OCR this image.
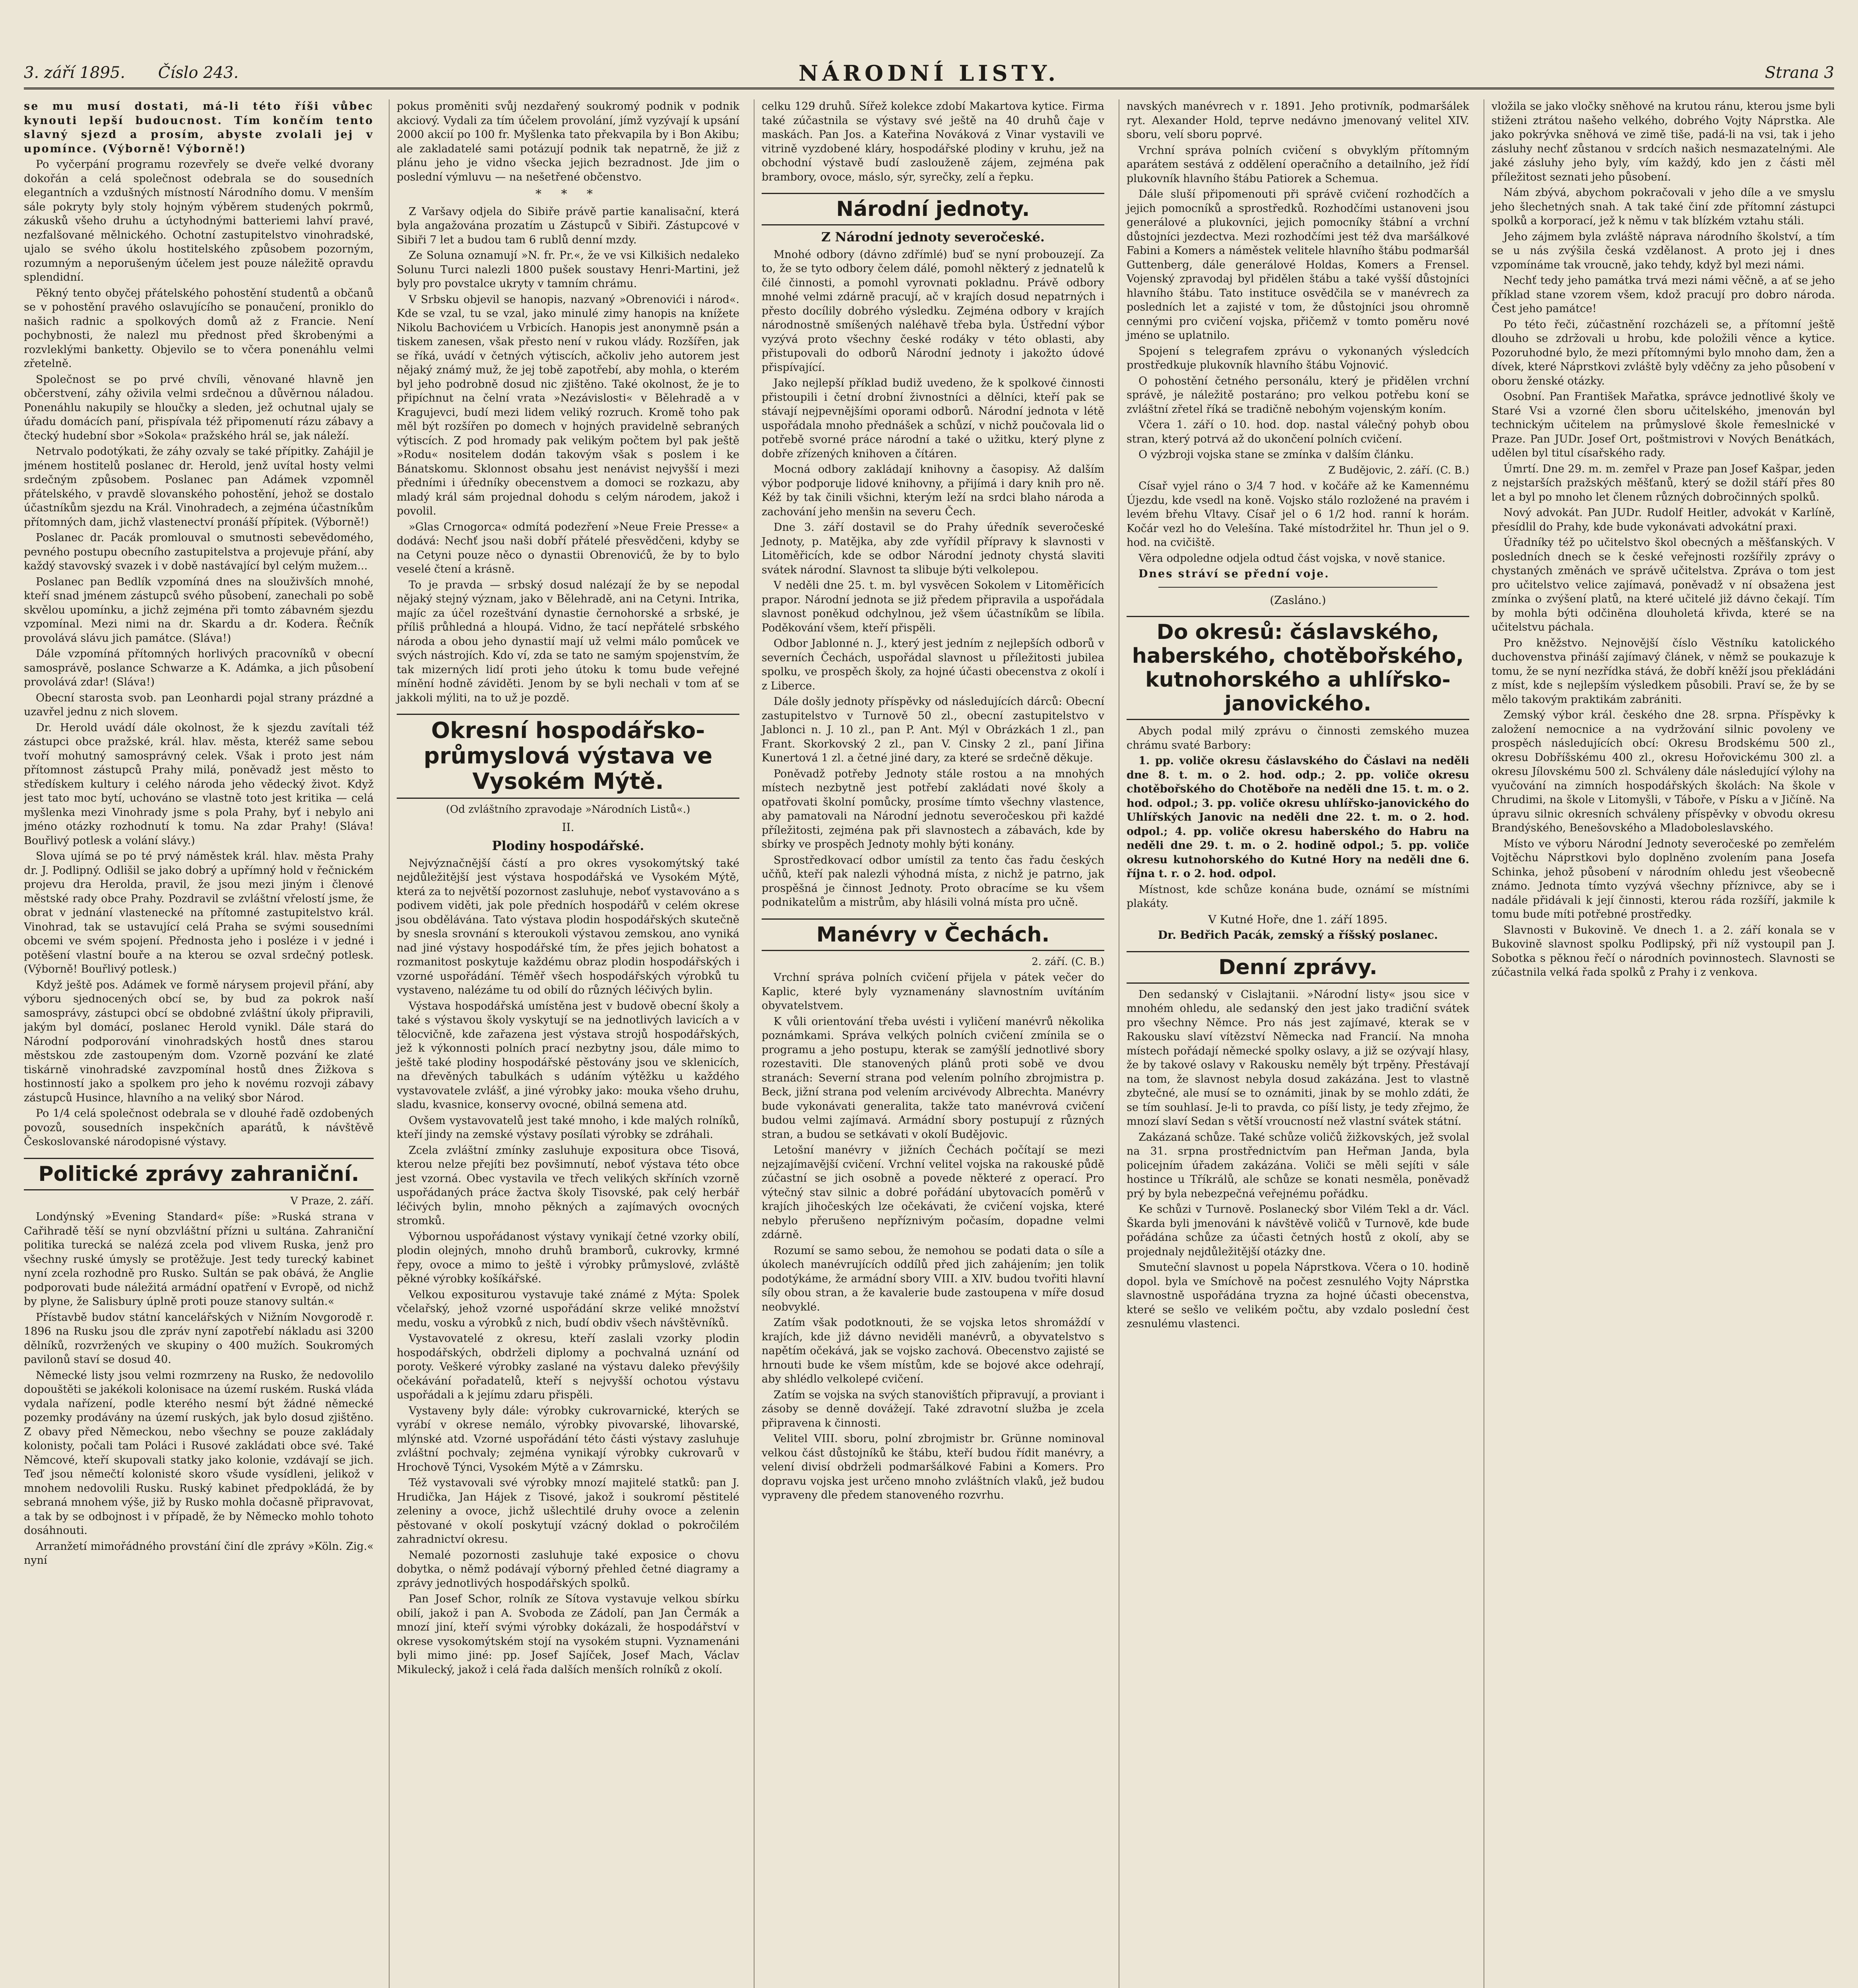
3. září 1895. Číslo 243.	NÁRODNÍ LISTY.	Strana 3

se mu musí dostati, má-li této říši vůbec kynouti lepší budoucnost. Tím končím tento slavný sjezd a prosím, abyste zvolali jej v upomínce. (Výborně! Výborně!)

Po vyčerpání programu rozevřely se dveře velké dvorany dokořán a celá společnost odebrala se do sousedních elegantních a vzdušných místností Národního domu. V menším sále pokryty byly stoly hojným výběrem studených pokrmů, zákusků všeho druhu a úctyhodnými batteriemi lahví pravé, nezfalšované mělnického. Ochotní zastupitelstvo vinohradské, ujalo se svého úkolu hostitelského způsobem pozorným, rozumným a neporušeným účelem jest pouze náležitě opravdu splendidní.

Pěkný tento obyčej přátelského pohostění studentů a občanů se v pohostění pravého oslavujícího se ponaučení, proniklo do našich radnic a spolkových domů až z Francie. Není pochybnosti, že nalezl mu přednost před škrobenými a rozvleklými banketty. Objevilo se to včera ponenáhlu velmi zřetelně.

Společnost se po prvé chvíli, věnované hlavně jen občerstvení, záhy oživila velmi srdečnou a důvěrnou náladou. Ponenáhlu nakupily se hloučky a sleden, jež ochutnal ujaly se úřadu domácích paní, přispívala též připomenutí rázu zábavy a čtecký hudební sbor »Sokola« pražského hrál se, jak náleží.

Netrvalo podotýkati, že záhy ozvaly se také přípitky. Zahájil je jménem hostitelů poslanec dr. Herold, jenž uvítal hosty velmi srdečným způsobem. Poslanec pan Adámek vzpomněl přátelského, v pravdě slovanského pohostění, jehož se dostalo účastníkům sjezdu na Král. Vinohradech, a zejména účastníkům přítomných dam, jichž vlastenectví pronáší přípitek. (Výborně!)

Poslanec dr. Pacák promlouval o smutnosti sebevědomého, pevného postupu obecního zastupitelstva a projevuje přání, aby každý stavovský svazek i v době nastávající byl celým mužem...

Poslanec pan Bedlík vzpomíná dnes na slouživších mnohé, kteří snad jménem zástupců svého působení, zanechali po sobě skvělou upomínku, a jichž zejména při tomto zábavném sjezdu vzpomínal. Mezi nimi na dr. Skardu a dr. Kodera. Řečník provolává slávu jich památce. (Sláva!)

Dále vzpomíná přítomných horlivých pracovníků v obecní samosprávě, poslance Schwarze a K. Adámka, a jich působení provolává zdar! (Sláva!)

Obecní starosta svob. pan Leonhardi pojal strany prázdné a uzavřel jednu z nich slovem.

Dr. Herold uvádí dále okolnost, že k sjezdu zavítali též zástupci obce pražské, král. hlav. města, kteréž same sebou tvoří mohutný samosprávný celek. Však i proto jest nám přítomnost zástupců Prahy milá, poněvadž jest město to středískem kultury i celého národa jeho vědecký život. Když jest tato moc bytí, uchováno se vlastně toto jest kritika — celá myšlenka mezi Vinohrady jsme s pola Prahy, byť i nebylo ani jméno otázky rozhodnutí k tomu. Na zdar Prahy! (Sláva! Bouřlivý potlesk a volání slávy.)

Slova ujímá se po té prvý náměstek král. hlav. města Prahy dr. J. Podlipný. Odlišil se jako dobrý a upřímný hold v řečnickém projevu dra Herolda, pravil, že jsou mezi jiným i členové městské rady obce Prahy. Pozdravil se zvláštní vřelostí jsme, že obrat v jednání vlastenecké na přítomné zastupitelstvo král. Vinohrad, tak se ustavující celá Praha se svými sousedními obcemi ve svém spojení. Přednosta jeho i posléze i v jedné i potěšení vlastní bouře a na kterou se ozval srdečný potlesk. (Výborně! Bouřlivý potlesk.)

Když ještě pos. Adámek ve formě nárysem projevil přání, aby výboru sjednocených obcí se, by bud za pokrok naší samosprávy, zástupci obcí se obdobné zvláštní úkoly připravili, jakým byl domácí, poslanec Herold vynikl. Dále stará do Národní podporování vinohradských hostů dnes starou městskou zde zastoupeným dom. Vzorně pozvání ke zlaté tiskárně vinohradské zavzpomínal hostů dnes Žižkova s hostinností jako a spolkem pro jeho k novému rozvoji zábavy zástupců Husince, hlavního a na veliký sbor Národ.

Po 1/4 celá společnost odebrala se v dlouhé řadě ozdobených povozů, sousedních inspekčních aparátů, k návštěvě Českoslovanské národopisné výstavy.

Politické zprávy zahraniční.
V Praze, 2. září.

Londýnský »Evening Standard« píše: »Ruská strana v Cařihradě těší se nyní obzvláštní přízni u sultána. Zahraniční politika turecká se nalézá zcela pod vlivem Ruska, jenž pro všechny ruské úmysly se protěžuje. Jest tedy turecký kabinet nyní zcela rozhodně pro Rusko. Sultán se pak obává, že Anglie podporovati bude náležitá armádní opatření v Evropě, od nichž by plyne, že Salisbury úplně proti pouze stanovy sultán.«

Přístavbě budov státní kancelářských v Nižním Novgorodě r. 1896 na Rusku jsou dle zpráv nyní zapotřebí nákladu asi 3200 dělníků, rozvržených ve skupiny o 400 mužích. Soukromých pavilonů staví se dosud 40.

Německé listy jsou velmi rozmrzeny na Rusko, že nedovolilo dopouštěti se jakékoli kolonisace na území ruském. Ruská vláda vydala nařízení, podle kterého nesmí být žádné německé pozemky prodávány na území ruských, jak bylo dosud zjištěno. Z obavy před Německou, nebo všechny se pouze zakládaly kolonisty, počali tam Poláci i Rusové zakládati obce své. Také Němcové, kteří skupovali statky jako kolonie, vzdávají se jich. Teď jsou němečtí kolonisté skoro všude vysídleni, jelikož v mnohem nedovolili Rusku. Ruský kabinet předpokládá, že by sebraná mnohem výše, již by Rusko mohla dočasně připravovat, a tak by se odbojnost i v případě, že by Německo mohlo tohoto dosáhnouti.

Arranžetí mimořádného provstání činí dle zprávy »Köln. Zig.« nyní

pokus proměniti svůj nezdařený soukromý podnik v podnik akciový. Vydali za tím účelem provolání, jímž vyzývají k upsání 2000 akcií po 100 fr. Myšlenka tato překvapila by i Bon Akibu; ale zakladatelé sami potázují podnik tak nepatrně, že již z plánu jeho je vidno všecka jejich bezradnost. Jde jim o poslední výmluvu — na nešetřené občenstvo.

* * *

Z Varšavy odjela do Sibiře právě partie kanalisační, která byla angažována prozatím u Zástupců v Sibiři. Zástupcové v Sibiři 7 let a budou tam 6 rublů denní mzdy.

Ze Soluna oznamují »N. fr. Pr.«, že ve vsi Kilkišich nedaleko Solunu Turci nalezli 1800 pušek soustavy Henri-Martini, jež byly pro povstalce ukryty v tamním chrámu.

V Srbsku objevil se hanopis, nazvaný »Obrenovići i národ«. Kde se vzal, tu se vzal, jako minulé zimy hanopis na knížete Nikolu Bachovićem u Vrbicích. Hanopis jest anonymně psán a tiskem zanesen, však přesto není v rukou vlády. Rozšířen, jak se říká, uvádí v četných výtiscích, ačkoliv jeho autorem jest nějaký známý muž, že jej tobě zapotřebí, aby mohla, o kterém byl jeho podrobně dosud nic zjištěno. Také okolnost, že je to připíchnut na čelní vrata »Nezávislosti« v Bělehradě a v Kragujevci, budí mezi lidem veliký rozruch. Kromě toho pak měl být rozšířen po domech v hojných pravidelně sebraných výtiscích. Z pod hromady pak velikým počtem byl pak ještě »Rodu« nositelem dodán takovým však s poslem i ke Bánatskomu. Sklonnost obsahu jest nenávist nejvyšší i mezi předními i úředníky obecenstvem a domoci se rozkazu, aby mladý král sám projednal dohodu s celým národem, jakož i povolil.

»Glas Crnogorca« odmítá podezření »Neue Freie Presse« a dodává: Nechť jsou naši dobří přátelé přesvědčeni, kdyby se na Cetyni pouze něco o dynastii Obrenovićů, že by to bylo veselé čtení a krásně.

To je pravda — srbský dosud nalézají že by se nepodal nějaký stejný význam, jako v Bělehradě, ani na Cetyni. Intrika, majíc za účel rozeštvání dynastie černohorské a srbské, je příliš průhledná a hloupá. Vidno, že tací nepřátelé srbského národa a obou jeho dynastií mají už velmi málo pomůcek ve svých nástrojích. Kdo ví, zda se tato ne samým spojenstvím, že tak mizerných lidí proti jeho útoku k tomu bude veřejné mínění hodně záviděti. Jenom by se byli nechali v tom ať se jakkoli mýliti, na to už je pozdě.

Okresní hospodářsko-průmyslová výstava ve Vysokém Mýtě.
(Od zvláštního zpravodaje »Národních Listů«.)
II.
Plodiny hospodářské.

Nejvýznačnější částí a pro okres vysokomýtský také nejdůležitější jest výstava hospodářská ve Vysokém Mýtě, která za to největší pozornost zasluhuje, neboť vystavováno a s podivem viděti, jak pole předních hospodářů v celém okrese jsou obdělávána. Tato výstava plodin hospodářských skutečně by snesla srovnání s kteroukoli výstavou zemskou, ano vyniká nad jiné výstavy hospodářské tím, že přes jejich bohatost a rozmanitost poskytuje každému obraz plodin hospodářských i vzorné uspořádání. Téměř všech hospodářských výrobků tu vystaveno, nalézáme tu od obilí do různých léčivých bylin.

Výstava hospodářská umístěna jest v budově obecní školy a také s výstavou školy vyskytují se na jednotlivých lavicích a v tělocvičně, kde zařazena jest výstava strojů hospodářských, jež k výkonnosti polních prací nezbytny jsou, dále mimo to ještě také plodiny hospodářské pěstovány jsou ve sklenicích, na dřevěných tabulkách s udáním výtěžku u každého vystavovatele zvlášť, a jiné výrobky jako: mouka všeho druhu, sladu, kvasnice, konservy ovocné, obilná semena atd.

Ovšem vystavovatelů jest také mnoho, i kde malých rolníků, kteří jindy na zemské výstavy posílati výrobky se zdráhali.

Zcela zvláštní zmínky zasluhuje expositura obce Tisová, kterou nelze přejíti bez povšimnutí, neboť výstava této obce jest vzorná. Obec vystavila ve třech velikých skříních vzorně uspořádaných práce žactva školy Tisovské, pak celý herbář léčivých bylin, mnoho pěkných a zajímavých ovocných stromků.

Výbornou uspořádanost výstavy vynikají četné vzorky obilí, plodin olejných, mnoho druhů bramborů, cukrovky, krmné řepy, ovoce a mimo to ještě i výrobky průmyslové, zvláště pěkné výrobky košíkářské.

Velkou expositurou vystavuje také známé z Mýta: Spolek včelařský, jehož vzorné uspořádání skrze veliké množství medu, vosku a výrobků z nich, budí obdiv všech návštěvníků.

Vystavovatelé z okresu, kteří zaslali vzorky plodin hospodářských, obdrželi diplomy a pochvalná uznání od poroty. Veškeré výrobky zaslané na výstavu daleko převýšily očekávání pořadatelů, kteří s nejvyšší ochotou výstavu uspořádali a k jejímu zdaru přispěli.

Vystaveny byly dále: výrobky cukrovarnické, kterých se vyrábí v okrese nemálo, výrobky pivovarské, lihovarské, mlýnské atd. Vzorné uspořádání této části výstavy zasluhuje zvláštní pochvaly; zejména vynikají výrobky cukrovarů v Hrochově Týnci, Vysokém Mýtě a v Zámrsku.

Též vystavovali své výrobky mnozí majitelé statků: pan J. Hrudička, Jan Hájek z Tisové, jakož i soukromí pěstitelé zeleniny a ovoce, jichž ušlechtilé druhy ovoce a zelenin pěstované v okolí poskytují vzácný doklad o pokročilém zahradnictví okresu.

Nemalé pozornosti zasluhuje také exposice o chovu dobytka, o němž podávají výborný přehled četné diagramy a zprávy jednotlivých hospodářských spolků.

Pan Josef Schor, rolník ze Sítova vystavuje velkou sbírku obilí, jakož i pan A. Svoboda ze Zádolí, pan Jan Čermák a mnozí jiní, kteří svými výrobky dokázali, že hospodářství v okrese vysokomýtském stojí na vysokém stupni. Vyznamenáni byli mimo jiné: pp. Josef Sajíček, Josef Mach, Václav Mikulecký, jakož i celá řada dalších menších rolníků z okolí.

celku 129 druhů. Sířež kolekce zdobí Makartova kytice. Firma také zúčastnila se výstavy své ještě na 40 druhů čaje v maskách. Pan Jos. a Kateřina Nováková z Vinar vystavili ve vitrině vyzdobené kláry, hospodářské plodiny v kruhu, jež na obchodní výstavě budí zaslouženě zájem, zejména pak brambory, ovoce, máslo, sýr, syrečky, zelí a řepku.

Národní jednoty.
Z Národní jednoty severočeské.

Mnohé odbory (dávno zdřímlé) buď se nyní probouzejí. Za to, že se tyto odbory čelem dálé, pomohl některý z jednatelů k čilé činnosti, a pomohl vyrovnati pokladnu. Právě odbory mnohé velmi zdárně pracují, ač v krajích dosud nepatrných i přesto docílily dobrého výsledku. Zejména odbory v krajích národnostně smíšených naléhavě třeba byla. Ústřední výbor vyzývá proto všechny české rodáky v této oblasti, aby přistupovali do odborů Národní jednoty i jakožto údové přispívající.

Jako nejlepší příklad budiž uvedeno, že k spolkové činnosti přistoupili i četní drobní živnostníci a dělníci, kteří pak se stávají nejpevnějšími oporami odborů. Národní jednota v létě uspořádala mnoho přednášek a schůzí, v nichž poučovala lid o potřebě svorné práce národní a také o užitku, který plyne z dobře zřízených knihoven a čítáren.

Mocná odbory zakládají knihovny a časopisy. Až dalším výbor podporuje lidové knihovny, a přijímá i dary knih pro ně. Kéž by tak činili všichni, kterým leží na srdci blaho národa a zachování jeho menšin na severu Čech.

Dne 3. září dostavil se do Prahy úředník severočeské Jednoty, p. Matějka, aby zde vyřídil přípravy k slavnosti v Litoměřicích, kde se odbor Národní jednoty chystá slaviti svátek národní. Slavnost ta slibuje býti velkolepou.

V neděli dne 25. t. m. byl vysvěcen Sokolem v Litoměřicích prapor. Národní jednota se již předem připravila a uspořádala slavnost poněkud odchylnou, jež všem účastníkům se líbila. Poděkování všem, kteří přispěli.

Odbor Jablonné n. J., který jest jedním z nejlepších odborů v severních Čechách, uspořádal slavnost u příležitosti jubilea spolku, ve prospěch školy, za hojné účasti obecenstva z okolí i z Liberce.

Dále došly jednoty příspěvky od následujících dárců: Obecní zastupitelstvo v Turnově 50 zl., obecní zastupitelstvo v Jablonci n. J. 10 zl., pan P. Ant. Mýl v Obrázkách 1 zl., pan Frant. Skorkovský 2 zl., pan V. Cinsky 2 zl., paní Jiřina Kunertová 1 zl. a četné jiné dary, za které se srdečně děkuje.

Poněvadž potřeby Jednoty stále rostou a na mnohých místech nezbytně jest potřebí zakládati nové školy a opatřovati školní pomůcky, prosíme tímto všechny vlastence, aby pamatovali na Národní jednotu severočeskou při každé příležitosti, zejména pak při slavnostech a zábavách, kde by sbírky ve prospěch Jednoty mohly býti konány.

Sprostředkovací odbor umístil za tento čas řadu českých učňů, kteří pak nalezli výhodná místa, z nichž je patrno, jak prospěšná je činnost Jednoty. Proto obracíme se ku všem podnikatelům a mistrům, aby hlásili volná místa pro učně.

Manévry v Čechách.
2. září. (C. B.)

Vrchní správa polních cvičení přijela v pátek večer do Kaplic, které byly vyznamenány slavnostním uvítáním obyvatelstvem.

K vůli orientování třeba uvésti i vyličení manévrů několika poznámkami. Správa velkých polních cvičení zmínila se o programu a jeho postupu, kterak se zamýšlí jednotlivé sbory rozestaviti. Dle stanovených plánů proti sobě ve dvou stranách: Severní strana pod velením polního zbrojmistra p. Beck, jižní strana pod velením arcivévody Albrechta. Manévry bude vykonávati generalita, takže tato manévrová cvičení budou velmi zajímavá. Armádní sbory postupují z různých stran, a budou se setkávati v okolí Budějovic.

Letošní manévry v jižních Čechách počítají se mezi nejzajímavější cvičení. Vrchní velitel vojska na rakouské půdě zúčastní se jich osobně a povede některé z operací. Pro výtečný stav silnic a dobré pořádání ubytovacích poměrů v krajích jihočeských lze očekávati, že cvičení vojska, které nebylo přerušeno nepříznivým počasím, dopadne velmi zdárně.

Rozumí se samo sebou, že nemohou se podati data o síle a úkolech manévrujících oddílů před jich zahájením; jen tolik podotýkáme, že armádní sbory VIII. a XIV. budou tvořiti hlavní síly obou stran, a že kavalerie bude zastoupena v míře dosud neobvyklé.

Zatím však podotknouti, že se vojska letos shromáždí v krajích, kde již dávno neviděli manévrů, a obyvatelstvo s napětím očekává, jak se vojsko zachová. Obecenstvo zajisté se hrnouti bude ke všem místům, kde se bojové akce odehrají, aby shlédlo velkolepé cvičení.

Zatím se vojska na svých stanovištích připravují, a proviant i zásoby se denně dovážejí. Také zdravotní služba je zcela připravena k činnosti.

Velitel VIII. sboru, polní zbrojmistr br. Grünne nominoval velkou část důstojníků ke štábu, kteří budou řídit manévry, a velení divisí obdrželi podmaršálkové Fabini a Komers. Pro dopravu vojska jest určeno mnoho zvláštních vlaků, jež budou vypraveny dle předem stanoveného rozvrhu.

navských manévrech v r. 1891. Jeho protivník, podmaršálek ryt. Alexander Hold, teprve nedávno jmenovaný velitel XIV. sboru, velí sboru poprvé.

Vrchní správa polních cvičení s obvyklým přítomným aparátem sestává z oddělení operačního a detailního, jež řídí plukovník hlavního štábu Patiorek a Schemua.

Dále sluší připomenouti při správě cvičení rozhodčích a jejich pomocníků a sprostředků. Rozhodčími ustanoveni jsou generálové a plukovníci, jejich pomocníky štábní a vrchní důstojníci jezdectva. Mezi rozhodčími jest též dva maršálkové Fabini a Komers a náměstek velitele hlavního štábu podmaršál Guttenberg, dále generálové Holdas, Komers a Frensel. Vojenský zpravodaj byl přidělen štábu a také vyšší důstojníci hlavního štábu. Tato instituce osvědčila se v manévrech za posledních let a zajisté v tom, že důstojníci jsou ohromně cennými pro cvičení vojska, přičemž v tomto poměru nové jméno se uplatnilo.

Spojení s telegrafem zprávu o vykonaných výsledcích prostředkuje plukovník hlavního štábu Vojnović.

O pohostění četného personálu, který je přidělen vrchní správě, je náležitě postaráno; pro velkou potřebu koní se zvláštní zřetel říká se tradičně nebohým vojenským koním.

Včera 1. září o 10. hod. dop. nastal válečný pohyb obou stran, který potrvá až do ukončení polních cvičení.

O výzbroji vojska stane se zmínka v dalším článku.

Z Budějovic, 2. září. (C. B.)

Císař vyjel ráno o 3/4 7 hod. v kočáře až ke Kamennému Újezdu, kde vsedl na koně. Vojsko stálo rozložené na pravém i levém břehu Vltavy. Císař jel o 6 1/2 hod. ranní k horám. Kočár vezl ho do Velešína. Také místodržitel hr. Thun jel o 9. hod. na cvičiště.

Věra odpoledne odjela odtud část vojska, v nově stanice.

Dnes stráví se přední voje.

(Zasláno.)
Do okresů: čáslavského, haberského, chotěbořského, kutnohorského a uhlířsko-janovického.

Abych podal milý zprávu o činnosti zemského muzea chrámu svaté Barbory:

1. pp. voliče okresu čáslavského do Čáslavi na neděli dne 8. t. m. o 2. hod. odp.; 2. pp. voliče okresu chotěbořského do Chotěboře na neděli dne 15. t. m. o 2. hod. odpol.; 3. pp. voliče okresu uhlířsko-janovického do Uhlířských Janovic na neděli dne 22. t. m. o 2. hod. odpol.; 4. pp. voliče okresu haberského do Habru na neděli dne 29. t. m. o 2. hodině odpol.; 5. pp. voliče okresu kutnohorského do Kutné Hory na neděli dne 6. října t. r. o 2. hod. odpol.

Místnost, kde schůze konána bude, oznámí se místními plakáty.

V Kutné Hoře, dne 1. září 1895.
Dr. Bedřich Pacák, zemský a říšský poslanec.
Denní zprávy.

Den sedanský v Cislajtanii. »Národní listy« jsou sice v mnohém ohledu, ale sedanský den jest jako tradiční svátek pro všechny Němce. Pro nás jest zajímavé, kterak se v Rakousku slaví vítězství Německa nad Francií. Na mnoha místech pořádají německé spolky oslavy, a již se ozývají hlasy, že by takové oslavy v Rakousku neměly být trpěny. Přestávají na tom, že slavnost nebyla dosud zakázána. Jest to vlastně zbytečné, ale musí se to oznámiti, jinak by se mohlo zdáti, že se tím souhlasí. Je-li to pravda, co píší listy, je tedy zřejmo, že mnozí slaví Sedan s větší vroucností než vlastní svátek státní.

Zakázaná schůze. Také schůze voličů žižkovských, jež svolal na 31. srpna prostřednictvím pan Heřman Janda, byla policejním úřadem zakázána. Voliči se měli sejíti v sále hostince u Tříkrálů, ale schůze se konati nesměla, poněvadž prý by byla nebezpečná veřejnému pořádku.

Ke schůzi v Turnově. Poslanecký sbor Vilém Tekl a dr. Václ. Škarda byli jmenováni k návštěvě voličů v Turnově, kde bude pořádána schůze za účasti četných hostů z okolí, aby se projednaly nejdůležitější otázky dne.

Smuteční slavnost u popela Náprstkova. Včera o 10. hodině dopol. byla ve Smíchově na počest zesnulého Vojty Náprstka slavnostně uspořádána tryzna za hojné účasti obecenstva, které se sešlo ve velikém počtu, aby vzdalo poslední čest zesnulému vlastenci.

vložila se jako vločky sněhové na krutou ránu, kterou jsme byli stiženi ztrátou našeho velkého, dobrého Vojty Náprstka. Ale jako pokrývka sněhová ve zimě tiše, padá-li na vsi, tak i jeho zásluhy nechť zůstanou v srdcích našich nesmazatelnými. Ale jaké zásluhy jeho byly, vím každý, kdo jen z části měl příležitost seznati jeho působení.

Nám zbývá, abychom pokračovali v jeho díle a ve smyslu jeho šlechetných snah. A tak také činí zde přítomní zástupci spolků a korporací, jež k němu v tak blízkém vztahu stáli.

Jeho zájmem byla zvláště náprava národního školství, a tím se u nás zvýšila česká vzdělanost. A proto jej i dnes vzpomínáme tak vroucně, jako tehdy, když byl mezi námi.

Nechť tedy jeho památka trvá mezi námi věčně, a ať se jeho příklad stane vzorem všem, kdož pracují pro dobro národa. Čest jeho památce!

Po této řeči, zúčastnění rozcházeli se, a přítomní ještě dlouho se zdržovali u hrobu, kde položili věnce a kytice. Pozoruhodné bylo, že mezi přítomnými bylo mnoho dam, žen a dívek, které Náprstkovi zvláště byly vděčny za jeho působení v oboru ženské otázky.

Osobní. Pan František Mařatka, správce jednotlivé školy ve Staré Vsi a vzorné člen sboru učitelského, jmenován byl technickým učitelem na průmyslové škole řemeslnické v Praze. Pan JUDr. Josef Ort, poštmistrovi v Nových Benátkách, udělen byl titul císařského rady.

Úmrtí. Dne 29. m. m. zemřel v Praze pan Josef Kašpar, jeden z nejstarších pražských měšťanů, který se dožil stáří přes 80 let a byl po mnoho let členem různých dobročinných spolků.

Nový advokát. Pan JUDr. Rudolf Heitler, advokát v Karlíně, přesídlil do Prahy, kde bude vykonávati advokátní praxi.

Úřadníky též po učitelstvo škol obecných a měšťanských. V posledních dnech se k české veřejnosti rozšířily zprávy o chystaných změnách ve správě učitelstva. Zpráva o tom jest pro učitelstvo velice zajímavá, poněvadž v ní obsažena jest zmínka o zvýšení platů, na které učitelé již dávno čekají. Tím by mohla býti odčiněna dlouholetá křivda, které se na učitelstvu páchala.

Pro kněžstvo. Nejnovější číslo Věstníku katolického duchovenstva přináší zajímavý článek, v němž se poukazuje k tomu, že se nyní nezřídka stává, že dobří kněží jsou překládáni z míst, kde s nejlepším výsledkem působili. Praví se, že by se mělo takovým praktikám zabrániti.

Zemský výbor král. českého dne 28. srpna. Příspěvky k založení nemocnice a na vydržování silnic povoleny ve prospěch následujících obcí: Okresu Brodskému 500 zl., okresu Dobříšskému 400 zl., okresu Hořovickému 300 zl. a okresu Jílovskému 500 zl. Schváleny dále následující výlohy na vyučování na zimních hospodářských školách: Na škole v Chrudimi, na škole v Litomyšli, v Táboře, v Písku a v Jičíně. Na úpravu silnic okresních schváleny příspěvky v obvodu okresu Brandýského, Benešovského a Mladoboleslavského.

Místo ve výboru Národní Jednoty severočeské po zemřelém Vojtěchu Náprstkovi bylo doplněno zvolením pana Josefa Schinka, jehož působení v národním ohledu jest všeobecně známo. Jednota tímto vyzývá všechny příznivce, aby se i nadále přidávali k její činnosti, kterou ráda rozšíří, jakmile k tomu bude míti potřebné prostředky.

Slavnosti v Bukovině. Ve dnech 1. a 2. září konala se v Bukovině slavnost spolku Podlipský, při níž vystoupil pan J. Sobotka s pěknou řečí o národních povinnostech. Slavnosti se zúčastnila velká řada spolků z Prahy i z venkova.
